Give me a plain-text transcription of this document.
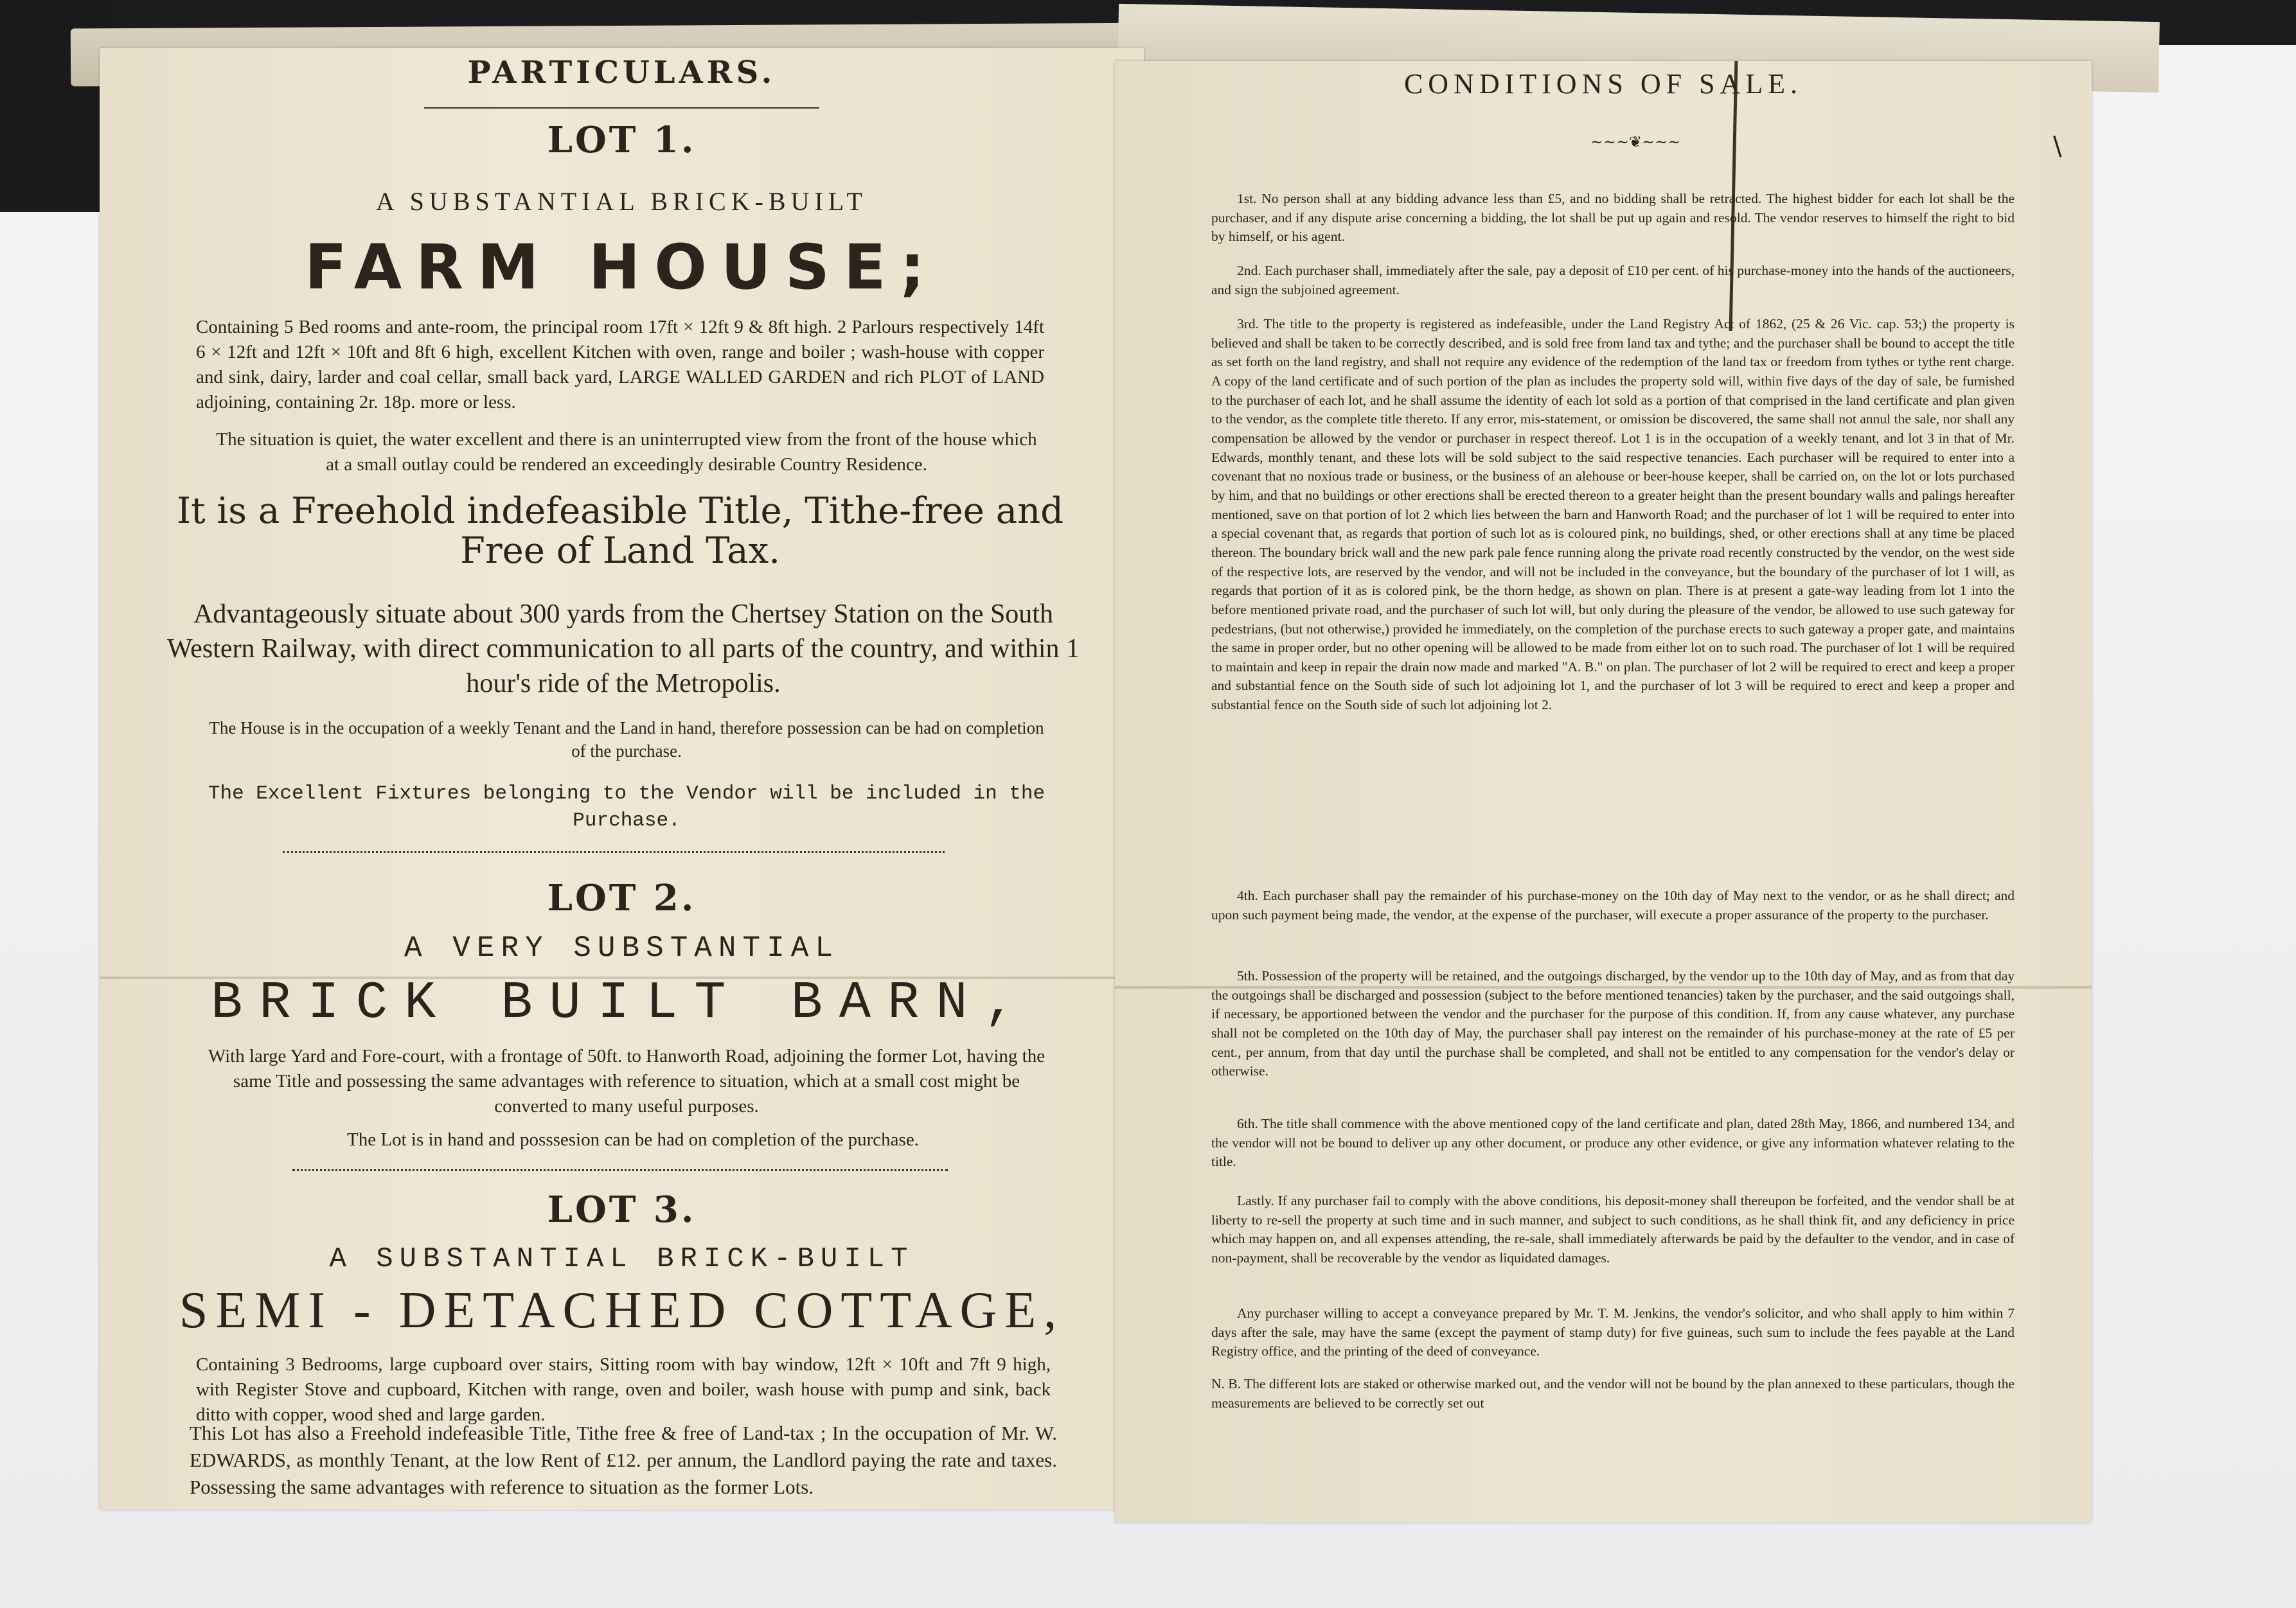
PARTICULARS.
LOT 1.
A SUBSTANTIAL BRICK-BUILT
FARM HOUSE;
Containing 5 Bed rooms and ante-room, the principal room 17ft × 12ft 9 & 8ft high. 2 Parlours respectively 14ft 6 × 12ft and 12ft × 10ft and 8ft 6 high, excellent Kitchen with oven, range and boiler ; wash-house with copper and sink, dairy, larder and coal cellar, small back yard, LARGE WALLED GARDEN and rich PLOT of LAND adjoining, containing 2r. 18p. more or less.
The situation is quiet, the water excellent and there is an uninterrupted view from the front of the house which at a small outlay could be rendered an exceedingly desirable Country Residence.
It is a Freehold indefeasible Title, Tithe-free and Free of Land Tax.
Advantageously situate about 300 yards from the Chertsey Station on the South Western Railway, with direct communication to all parts of the country, and within 1 hour's ride of the Metropolis.
The House is in the occupation of a weekly Tenant and the Land in hand, therefore possession can be had on completion of the purchase.
The Excellent Fixtures belonging to the Vendor will be included in the Purchase.
LOT 2.
A VERY SUBSTANTIAL
BRICK BUILT BARN,
With large Yard and Fore-court, with a frontage of 50ft. to Hanworth Road, adjoining the former Lot, having the same Title and possessing the same advantages with reference to situation, which at a small cost might be converted to many useful purposes.
The Lot is in hand and posssesion can be had on completion of the purchase.
LOT 3.
A SUBSTANTIAL BRICK-BUILT
SEMI - DETACHED COTTAGE,
Containing 3 Bedrooms, large cupboard over stairs, Sitting room with bay window, 12ft × 10ft and 7ft 9 high, with Register Stove and cupboard, Kitchen with range, oven and boiler, wash house with pump and sink, back ditto with copper, wood shed and large garden.
This Lot has also a Freehold indefeasible Title, Tithe free & free of Land-tax ; In the occupation of Mr. W. EDWARDS, as monthly Tenant, at the low Rent of £12. per annum, the Landlord paying the rate and taxes. Possessing the same advantages with reference to situation as the former Lots.
\
CONDITIONS OF SALE.
~~~❦~~~
1st. No person shall at any bidding advance less than £5, and no bidding shall be retracted. The highest bidder for each lot shall be the purchaser, and if any dispute arise concerning a bidding, the lot shall be put up again and resold. The vendor reserves to himself the right to bid by himself, or his agent.
2nd. Each purchaser shall, immediately after the sale, pay a deposit of £10 per cent. of his purchase-money into the hands of the auctioneers, and sign the subjoined agreement.
3rd. The title to the property is registered as indefeasible, under the Land Registry Act of 1862, (25 & 26 Vic. cap. 53;) the property is believed and shall be taken to be correctly described, and is sold free from land tax and tythe; and the purchaser shall be bound to accept the title as set forth on the land registry, and shall not require any evidence of the redemption of the land tax or freedom from tythes or tythe rent charge. A copy of the land certificate and of such portion of the plan as includes the property sold will, within five days of the day of sale, be furnished to the purchaser of each lot, and he shall assume the identity of each lot sold as a portion of that comprised in the land certificate and plan given to the vendor, as the complete title thereto. If any error, mis-statement, or omission be discovered, the same shall not annul the sale, nor shall any compensation be allowed by the vendor or purchaser in respect thereof. Lot 1 is in the occupation of a weekly tenant, and lot 3 in that of Mr. Edwards, monthly tenant, and these lots will be sold subject to the said respective tenancies. Each purchaser will be required to enter into a covenant that no noxious trade or business, or the business of an alehouse or beer-house keeper, shall be carried on, on the lot or lots purchased by him, and that no buildings or other erections shall be erected thereon to a greater height than the present boundary walls and palings hereafter mentioned, save on that portion of lot 2 which lies between the barn and Hanworth Road; and the purchaser of lot 1 will be required to enter into a special covenant that, as regards that portion of such lot as is coloured pink, no buildings, shed, or other erections shall at any time be placed thereon. The boundary brick wall and the new park pale fence running along the private road recently constructed by the vendor, on the west side of the respective lots, are reserved by the vendor, and will not be included in the conveyance, but the boundary of the purchaser of lot 1 will, as regards that portion of it as is colored pink, be the thorn hedge, as shown on plan. There is at present a gate-way leading from lot 1 into the before mentioned private road, and the purchaser of such lot will, but only during the pleasure of the vendor, be allowed to use such gateway for pedestrians, (but not otherwise,) provided he immediately, on the completion of the purchase erects to such gateway a proper gate, and maintains the same in proper order, but no other opening will be allowed to be made from either lot on to such road. The purchaser of lot 1 will be required to maintain and keep in repair the drain now made and marked "A. B." on plan. The purchaser of lot 2 will be required to erect and keep a proper and substantial fence on the South side of such lot adjoining lot 1, and the purchaser of lot 3 will be required to erect and keep a proper and substantial fence on the South side of such lot adjoining lot 2.
4th. Each purchaser shall pay the remainder of his purchase-money on the 10th day of May next to the vendor, or as he shall direct; and upon such payment being made, the vendor, at the expense of the purchaser, will execute a proper assurance of the property to the purchaser.
5th. Possession of the property will be retained, and the outgoings discharged, by the vendor up to the 10th day of May, and as from that day the outgoings shall be discharged and possession (subject to the before mentioned tenancies) taken by the purchaser, and the said outgoings shall, if necessary, be apportioned between the vendor and the purchaser for the purpose of this condition. If, from any cause whatever, any purchase shall not be completed on the 10th day of May, the purchaser shall pay interest on the remainder of his purchase-money at the rate of £5 per cent., per annum, from that day until the purchase shall be completed, and shall not be entitled to any compensation for the vendor's delay or otherwise.
6th. The title shall commence with the above mentioned copy of the land certificate and plan, dated 28th May, 1866, and numbered 134, and the vendor will not be bound to deliver up any other document, or produce any other evidence, or give any information whatever relating to the title.
Lastly. If any purchaser fail to comply with the above conditions, his deposit-money shall thereupon be forfeited, and the vendor shall be at liberty to re-sell the property at such time and in such manner, and subject to such conditions, as he shall think fit, and any deficiency in price which may happen on, and all expenses attending, the re-sale, shall immediately afterwards be paid by the defaulter to the vendor, and in case of non-payment, shall be recoverable by the vendor as liquidated damages.
Any purchaser willing to accept a conveyance prepared by Mr. T. M. Jenkins, the vendor's solicitor, and who shall apply to him within 7 days after the sale, may have the same (except the payment of stamp duty) for five guineas, such sum to include the fees payable at the Land Registry office, and the printing of the deed of conveyance.
N. B. The different lots are staked or otherwise marked out, and the vendor will not be bound by the plan annexed to these particulars, though the measurements are believed to be correctly set out
